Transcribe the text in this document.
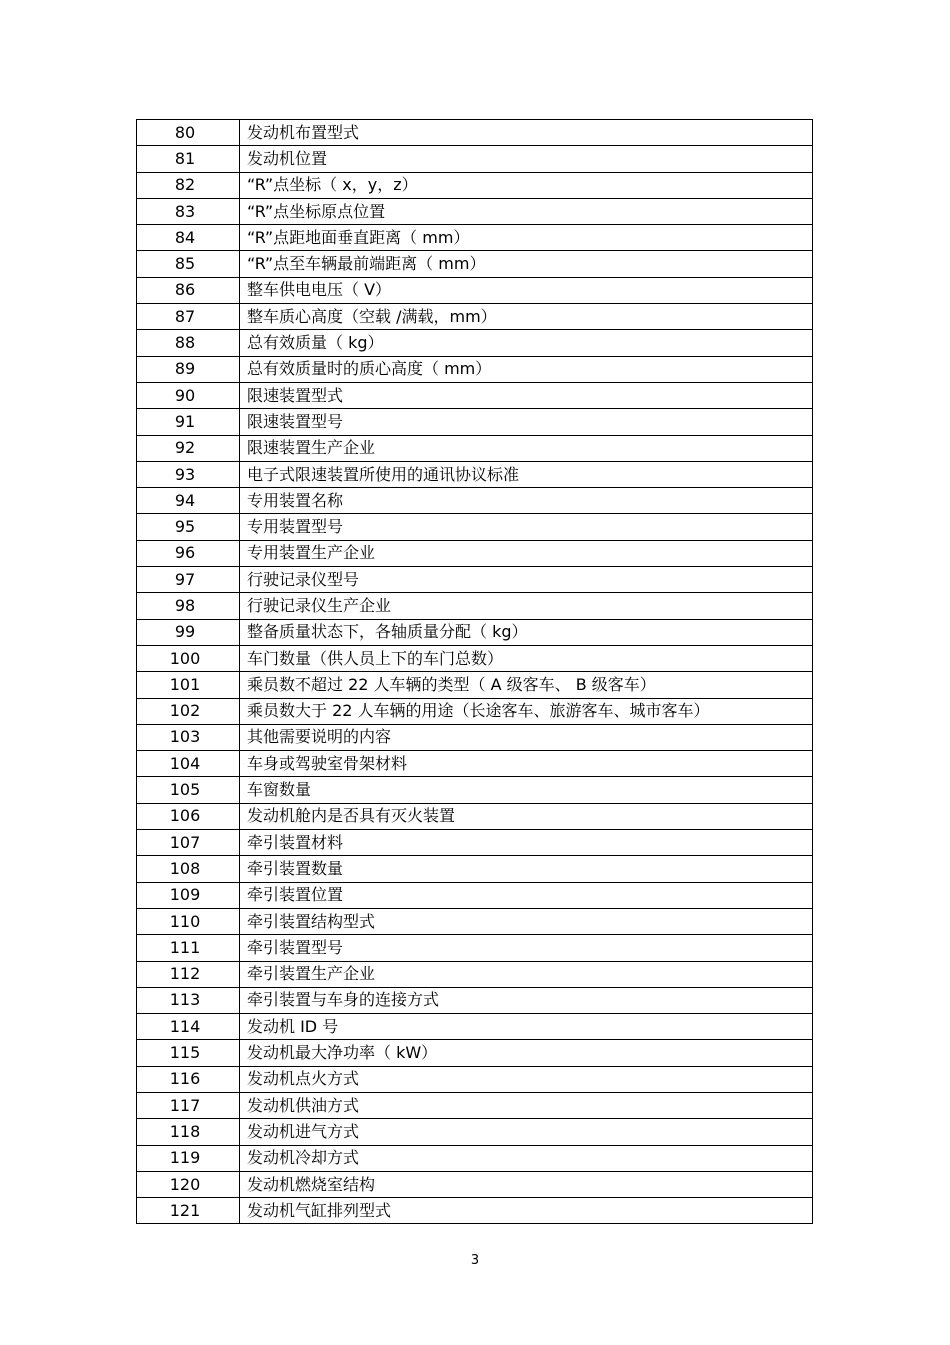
80	发动机布置型式
81	发动机位置
82	“R”点坐标（ x，y，z）
83	“R”点坐标原点位置
84	“R”点距地面垂直距离（ mm）
85	“R”点至车辆最前端距离（ mm）
86	整车供电电压（ V）
87	整车质心高度（空载 /满载，mm）
88	总有效质量（ kg）
89	总有效质量时的质心高度（ mm）
90	限速装置型式
91	限速装置型号
92	限速装置生产企业
93	电子式限速装置所使用的通讯协议标准
94	专用装置名称
95	专用装置型号
96	专用装置生产企业
97	行驶记录仪型号
98	行驶记录仪生产企业
99	整备质量状态下，各轴质量分配（ kg）
100	车门数量（供人员上下的车门总数）
101	乘员数不超过 22 人车辆的类型（ A 级客车、 B 级客车）
102	乘员数大于 22 人车辆的用途（长途客车、旅游客车、城市客车）
103	其他需要说明的内容
104	车身或驾驶室骨架材料
105	车窗数量
106	发动机舱内是否具有灭火装置
107	牵引装置材料
108	牵引装置数量
109	牵引装置位置
110	牵引装置结构型式
111	牵引装置型号
112	牵引装置生产企业
113	牵引装置与车身的连接方式
114	发动机 ID 号
115	发动机最大净功率（ kW）
116	发动机点火方式
117	发动机供油方式
118	发动机进气方式
119	发动机冷却方式
120	发动机燃烧室结构
121	发动机气缸排列型式
3
